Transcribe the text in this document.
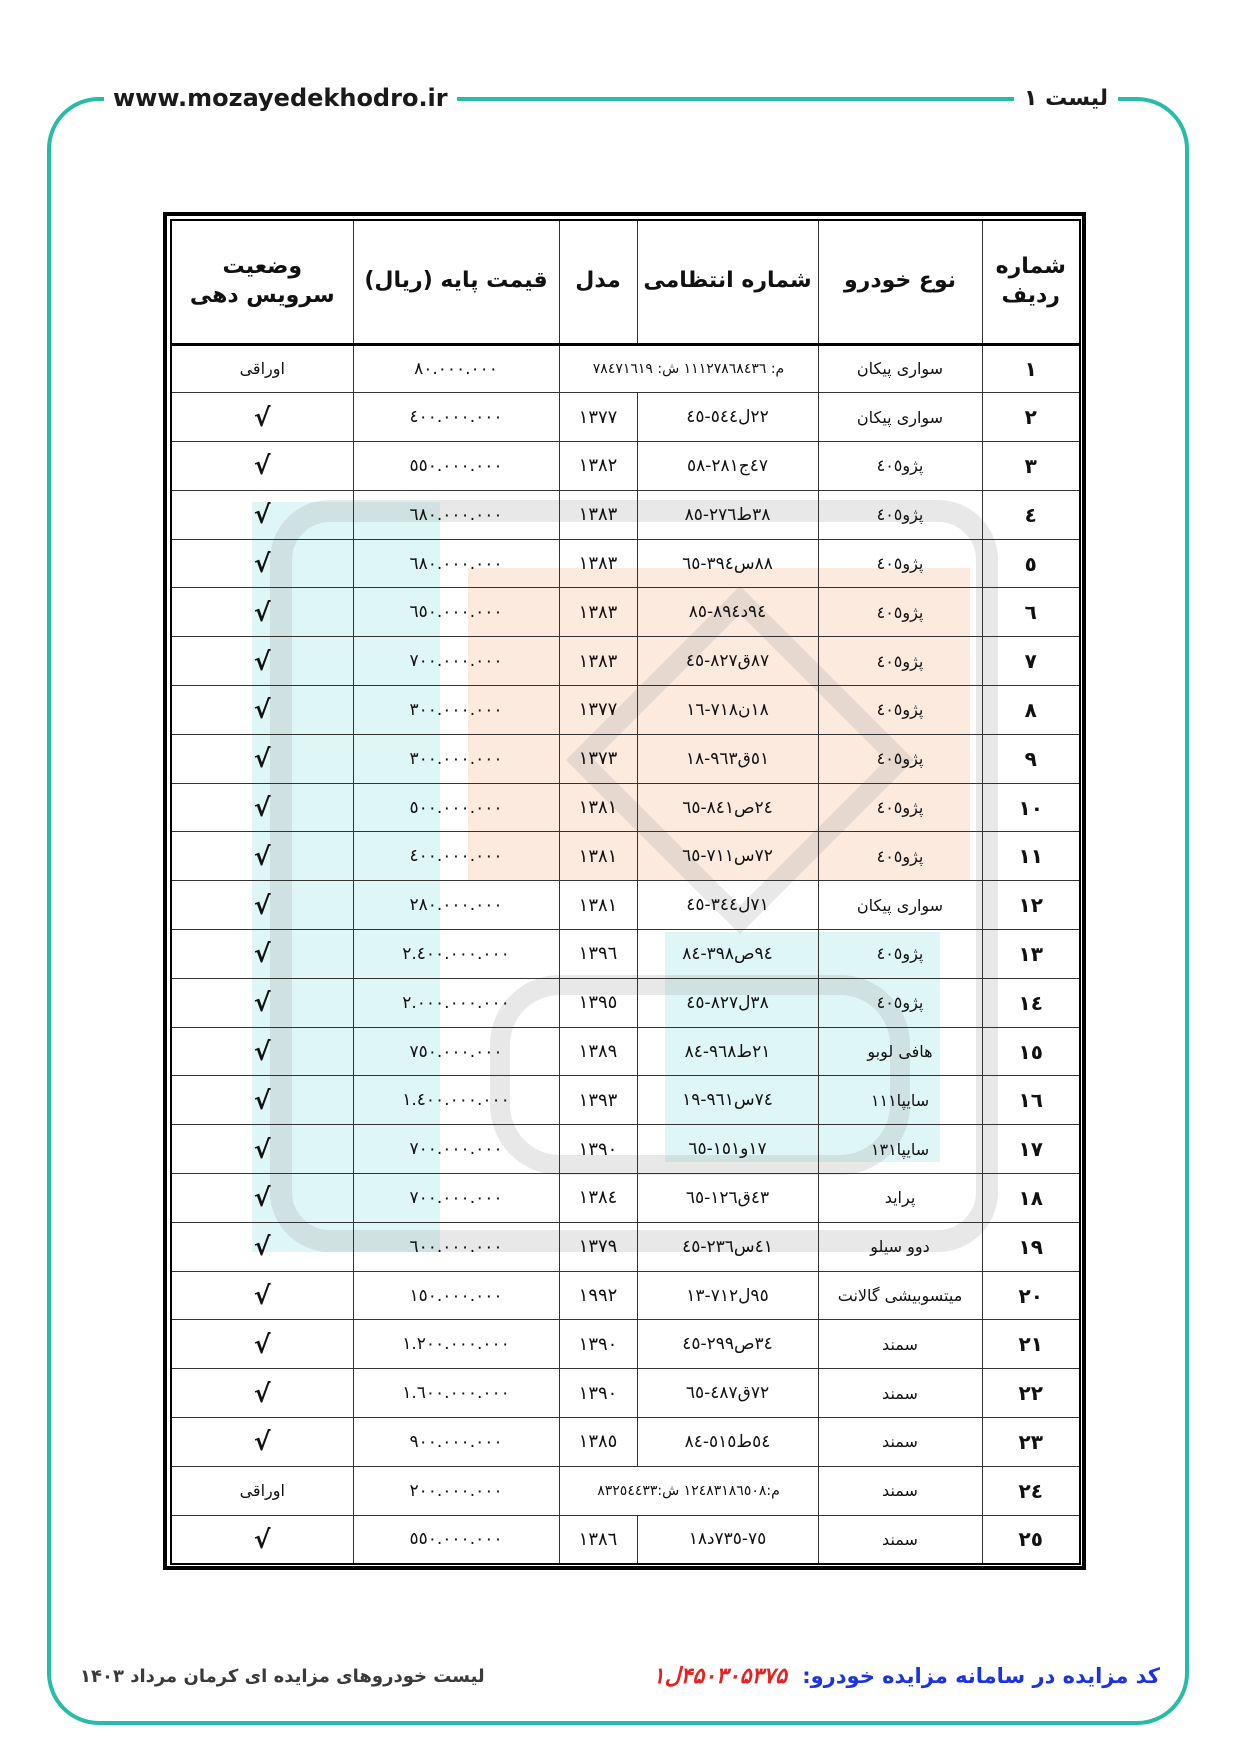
www.mozayedekhodro.ir	لیست ۱
شماره
ردیف	نوع خودرو	شماره انتظامی	مدل	قیمت پایه (ریال)	وضعیت
سرویس دهی
١	سواری پیکان	م: ١١١٢٧٨٦٨٤٣٦ ش: ٧٨٤٧١٦١٩		٨٠.٠٠٠.٠٠٠	اوراقی
٢	سواری پیکان	٤٥-٥٤٤ل٢٢	١٣٧٧	٤٠٠.٠٠٠.٠٠٠	√
٣	پژو٤٠٥	٥٨-٢٨١ج٤٧	١٣٨٢	٥٥٠.٠٠٠.٠٠٠	√
٤	پژو٤٠٥	٨٥-٢٧٦ط٣٨	١٣٨٣	٦٨٠.٠٠٠.٠٠٠	√
٥	پژو٤٠٥	٦٥-٣٩٤س٨٨	١٣٨٣	٦٨٠.٠٠٠.٠٠٠	√
٦	پژو٤٠٥	٨٥-٨٩٤د٩٤	١٣٨٣	٦٥٠.٠٠٠.٠٠٠	√
٧	پژو٤٠٥	٤٥-٨٢٧ق٨٧	١٣٨٣	٧٠٠.٠٠٠.٠٠٠	√
٨	پژو٤٠٥	١٦-٧١٨ن١٨	١٣٧٧	٣٠٠.٠٠٠.٠٠٠	√
٩	پژو٤٠٥	١٨-٩٦٣ق٥١	١٣٧٣	٣٠٠.٠٠٠.٠٠٠	√
١٠	پژو٤٠٥	٦٥-٨٤١ص٢٤	١٣٨١	٥٠٠.٠٠٠.٠٠٠	√
١١	پژو٤٠٥	٦٥-٧١١س٧٢	١٣٨١	٤٠٠.٠٠٠.٠٠٠	√
١٢	سواری پیکان	٤٥-٣٤٤ل٧١	١٣٨١	٢٨٠.٠٠٠.٠٠٠	√
١٣	پژو٤٠٥	٨٤-٣٩٨ص٩٤	١٣٩٦	٢.٤٠٠.٠٠٠.٠٠٠	√
١٤	پژو٤٠٥	٤٥-٨٢٧ل٣٨	١٣٩٥	٢.٠٠٠.٠٠٠.٠٠٠	√
١٥	هافی لوبو	٨٤-٩٦٨ط٢١	١٣٨٩	٧٥٠.٠٠٠.٠٠٠	√
١٦	سایپا١١١	١٩-٩٦١س٧٤	١٣٩٣	١.٤٠٠.٠٠٠.٠٠٠	√
١٧	سایپا١٣١	٦٥-١٥١و١٧	١٣٩٠	٧٠٠.٠٠٠.٠٠٠	√
١٨	پراید	٦٥-١٢٦ق٤٣	١٣٨٤	٧٠٠.٠٠٠.٠٠٠	√
١٩	دوو سیلو	٤٥-٢٣٦س٤١	١٣٧٩	٦٠٠.٠٠٠.٠٠٠	√
٢٠	میتسوبیشی گالانت	١٣-٧١٢ل٩٥	١٩٩٢	١٥٠.٠٠٠.٠٠٠	√
٢١	سمند	٤٥-٢٩٩ص٣٤	١٣٩٠	١.٢٠٠.٠٠٠.٠٠٠	√
٢٢	سمند	٦٥-٤٨٧ق٧٢	١٣٩٠	١.٦٠٠.٠٠٠.٠٠٠	√
٢٣	سمند	٨٤-٥١٥ط٥٤	١٣٨٥	٩٠٠.٠٠٠.٠٠٠	√
٢٤	سمند	م:١٢٤٨٣١٨٦٥٠٨ ش:٨٣٢٥٤٤٣٣		٢٠٠.٠٠٠.٠٠٠	اوراقی
٢٥	سمند	١٨د٧٣٥-٧٥	١٣٨٦	٥٥٠.٠٠٠.٠٠٠	√
لیست خودروهای مزایده ای کرمان مرداد ۱۴۰۳	کد مزایده در سامانه مزایده خودرو: ۱ل۴۵۰۳۰۵۳۷۵
